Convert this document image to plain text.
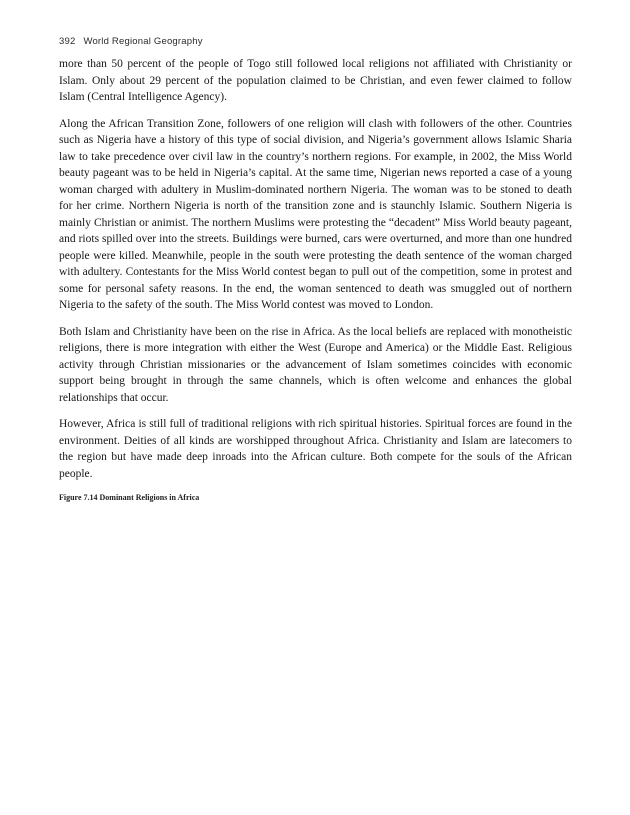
392 World Regional Geography

more than 50 percent of the people of Togo still followed local religions not affiliated with Christianity or Islam. Only about 29 percent of the population claimed to be Christian, and even fewer claimed to follow Islam (Central Intelligence Agency).

Along the African Transition Zone, followers of one religion will clash with followers of the other. Countries such as Nigeria have a history of this type of social division, and Nigeria’s government allows Islamic Sharia law to take precedence over civil law in the country’s northern regions. For example, in 2002, the Miss World beauty pageant was to be held in Nigeria’s capital. At the same time, Nigerian news reported a case of a young woman charged with adultery in Muslim-dominated northern Nigeria. The woman was to be stoned to death for her crime. Northern Nigeria is north of the transition zone and is staunchly Islamic. Southern Nigeria is mainly Christian or animist. The northern Muslims were protesting the “decadent” Miss World beauty pageant, and riots spilled over into the streets. Buildings were burned, cars were overturned, and more than one hundred people were killed. Meanwhile, people in the south were protesting the death sentence of the woman charged with adultery. Contestants for the Miss World contest began to pull out of the competition, some in protest and some for personal safety reasons. In the end, the woman sentenced to death was smuggled out of northern Nigeria to the safety of the south. The Miss World contest was moved to London.

Both Islam and Christianity have been on the rise in Africa. As the local beliefs are replaced with monotheistic religions, there is more integration with either the West (Europe and America) or the Middle East. Religious activity through Christian missionaries or the advancement of Islam sometimes coincides with economic support being brought in through the same channels, which is often welcome and enhances the global relationships that occur.

However, Africa is still full of traditional religions with rich spiritual histories. Spiritual forces are found in the environment. Deities of all kinds are worshipped throughout Africa. Christianity and Islam are latecomers to the region but have made deep inroads into the African culture. Both compete for the souls of the African people.

Figure 7.14 Dominant Religions in Africa
